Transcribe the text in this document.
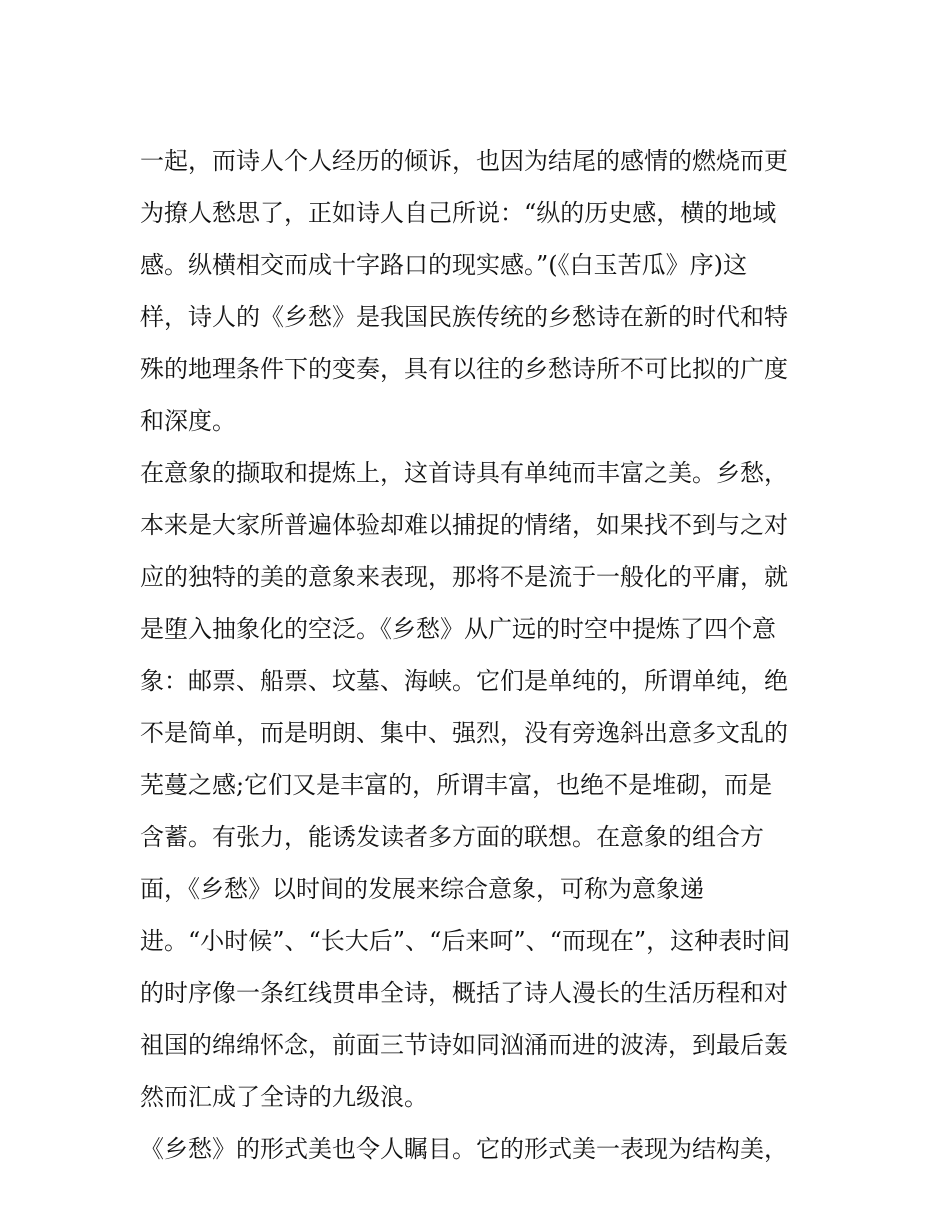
一起，而诗人个人经历的倾诉，也因为结尾的感情的燃烧而更
为撩人愁思了，正如诗人自己所说：“纵的历史感，横的地域
感。纵横相交而成十字路口的现实感。”(《白玉苦瓜》序)这
样，诗人的《乡愁》是我国民族传统的乡愁诗在新的时代和特
殊的地理条件下的变奏，具有以往的乡愁诗所不可比拟的广度
和深度。
在意象的撷取和提炼上，这首诗具有单纯而丰富之美。乡愁，
本来是大家所普遍体验却难以捕捉的情绪，如果找不到与之对
应的独特的美的意象来表现，那将不是流于一般化的平庸，就
是堕入抽象化的空泛。《乡愁》从广远的时空中提炼了四个意
象：邮票、船票、坟墓、海峡。它们是单纯的，所谓单纯，绝
不是简单，而是明朗、集中、强烈，没有旁逸斜出意多文乱的
芜蔓之感;它们又是丰富的，所谓丰富，也绝不是堆砌，而是
含蓄。有张力，能诱发读者多方面的联想。在意象的组合方
面，《乡愁》以时间的发展来综合意象，可称为意象递
进。“小时候”、“长大后”、“后来呵”、“而现在”，这种表时间
的时序像一条红线贯串全诗，概括了诗人漫长的生活历程和对
祖国的绵绵怀念，前面三节诗如同汹涌而进的波涛，到最后轰
然而汇成了全诗的九级浪。
《乡愁》的形式美也令人瞩目。它的形式美一表现为结构美，
